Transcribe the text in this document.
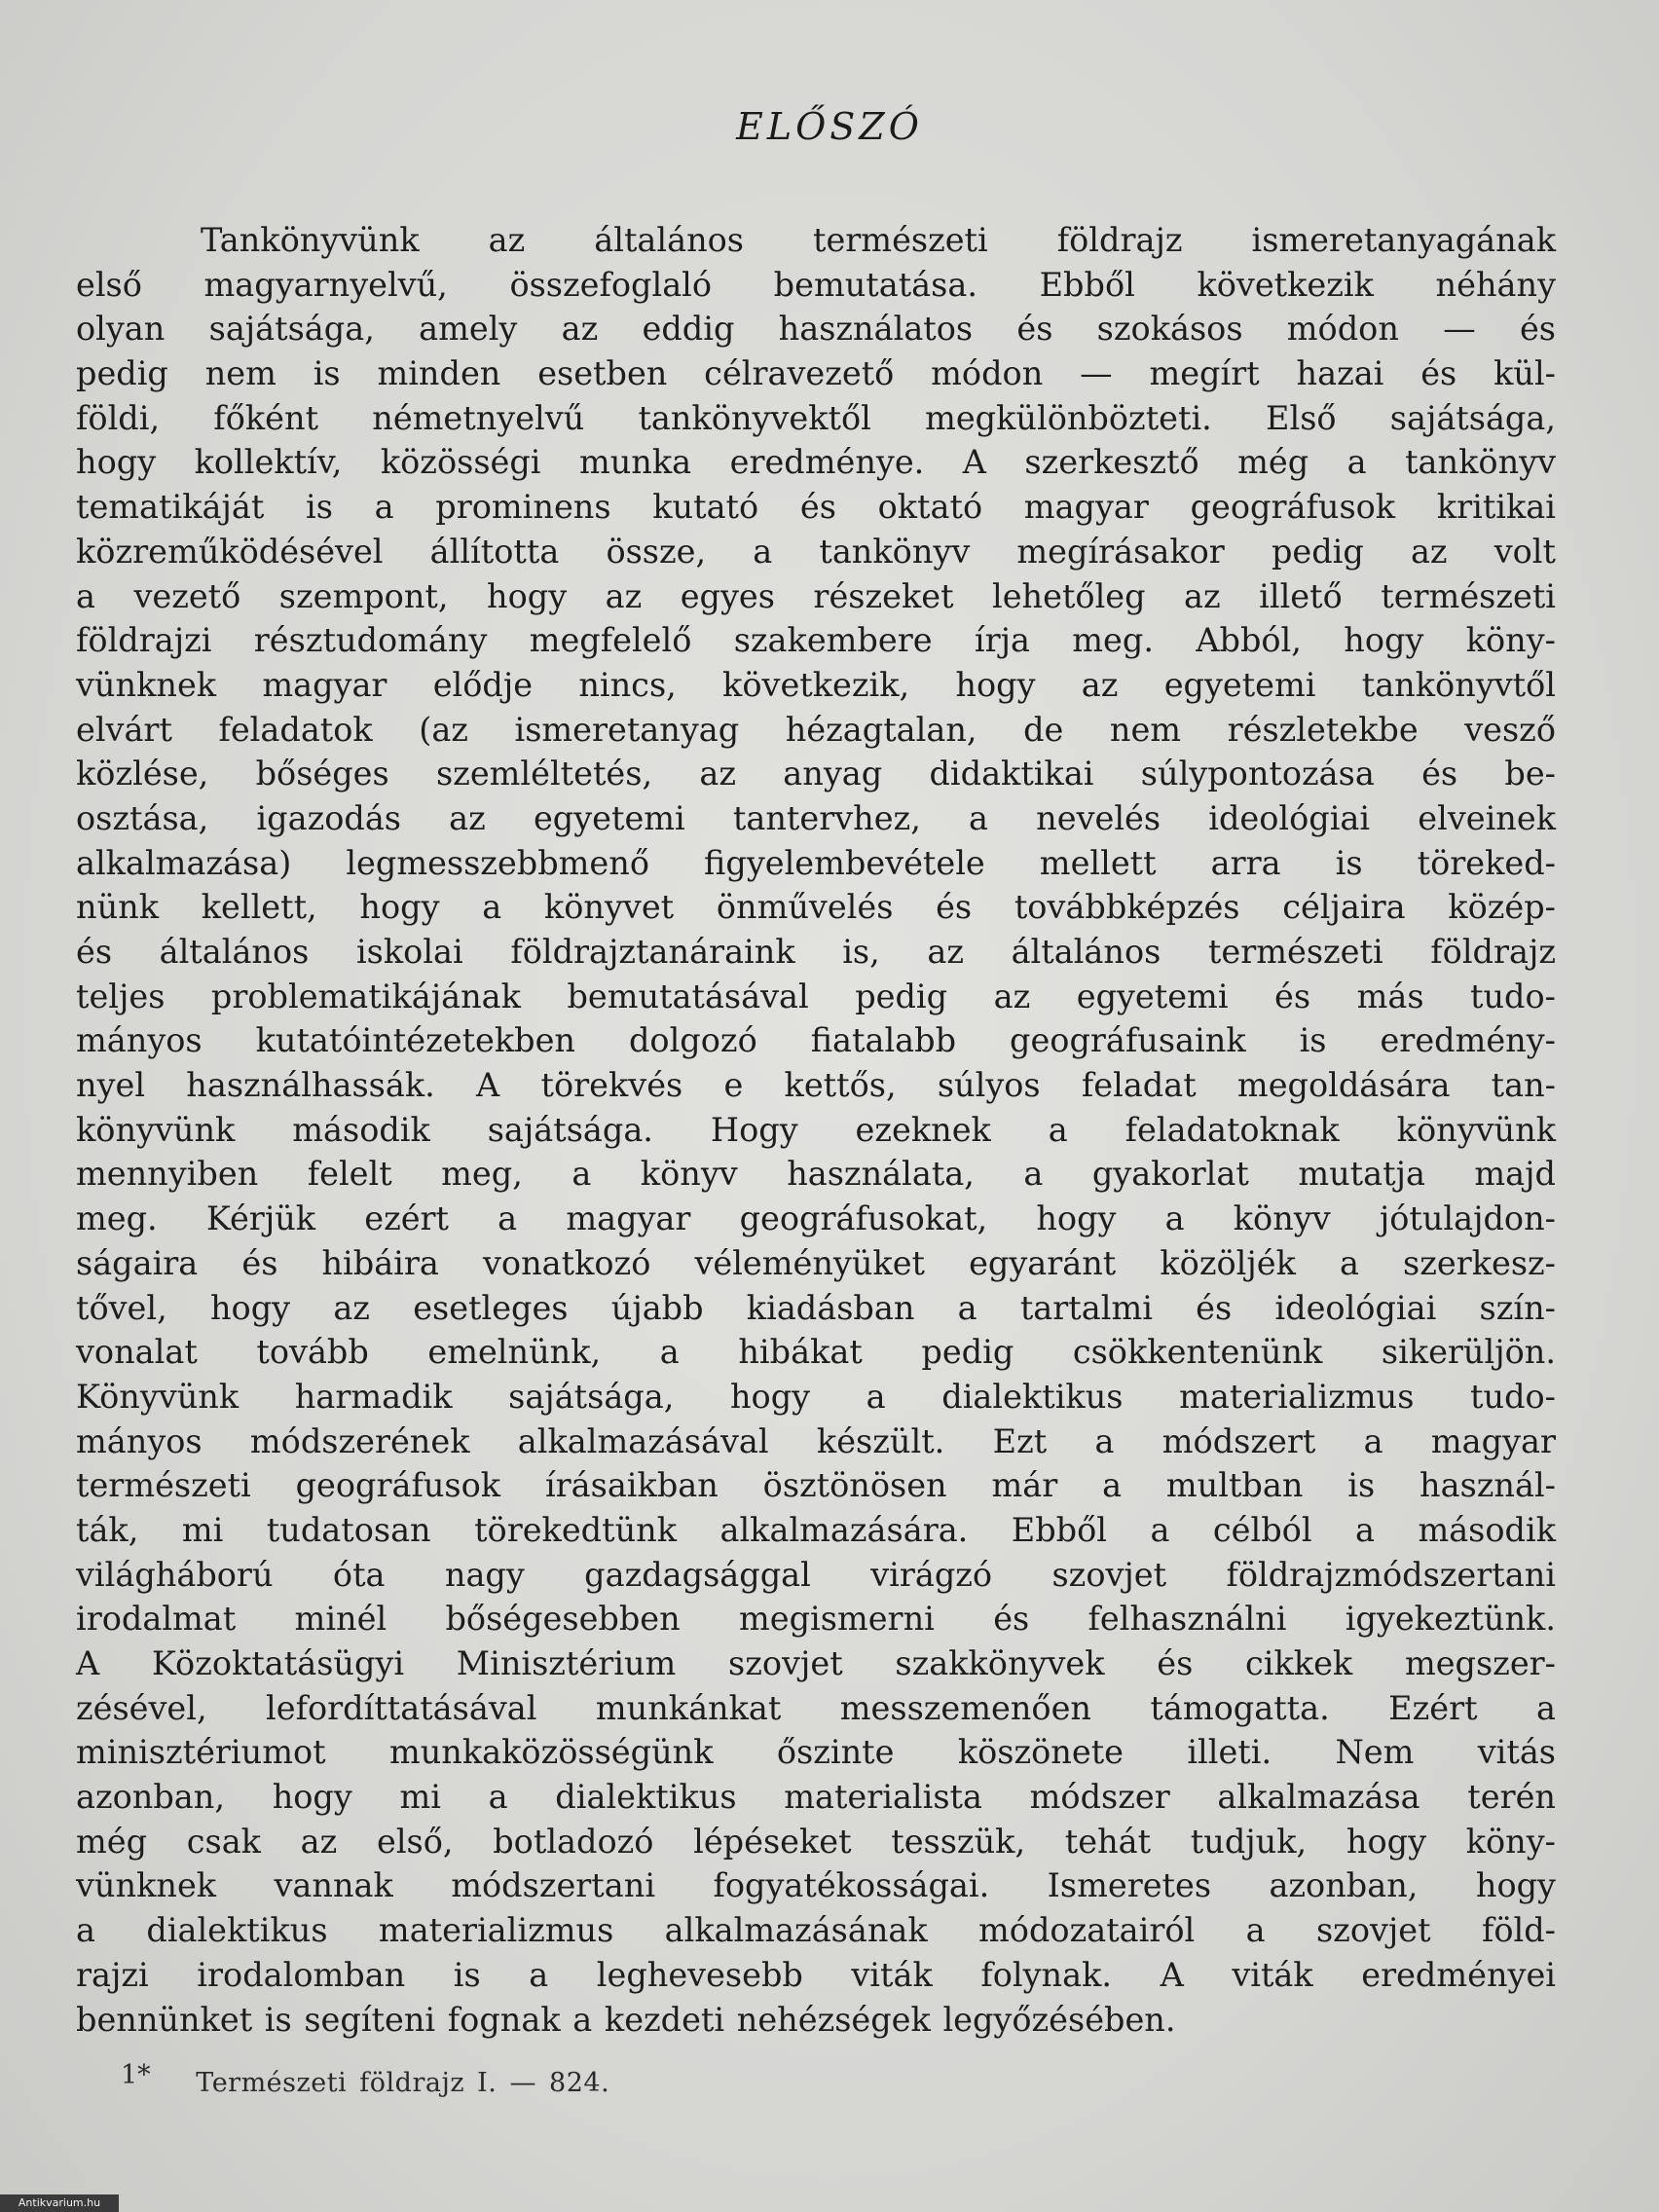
ELŐSZÓ
Tankönyvünk az általános természeti földrajz ismeretanyagának
első magyarnyelvű, összefoglaló bemutatása. Ebből következik néhány
olyan sajátsága, amely az eddig használatos és szokásos módon — és
pedig nem is minden esetben célravezető módon — megírt hazai és kül-
földi, főként németnyelvű tankönyvektől megkülönbözteti. Első sajátsága,
hogy kollektív, közösségi munka eredménye. A szerkesztő még a tankönyv
tematikáját is a prominens kutató és oktató magyar geográfusok kritikai
közreműködésével állította össze, a tankönyv megírásakor pedig az volt
a vezető szempont, hogy az egyes részeket lehetőleg az illető természeti
földrajzi résztudomány megfelelő szakembere írja meg. Abból, hogy köny-
vünknek magyar elődje nincs, következik, hogy az egyetemi tankönyvtől
elvárt feladatok (az ismeretanyag hézagtalan, de nem részletekbe vesző
közlése, bőséges szemléltetés, az anyag didaktikai súlypontozása és be-
osztása, igazodás az egyetemi tantervhez, a nevelés ideológiai elveinek
alkalmazása) legmesszebbmenő figyelembevétele mellett arra is töreked-
nünk kellett, hogy a könyvet önművelés és továbbképzés céljaira közép-
és általános iskolai földrajztanáraink is, az általános természeti földrajz
teljes problematikájának bemutatásával pedig az egyetemi és más tudo-
mányos kutatóintézetekben dolgozó fiatalabb geográfusaink is eredmény-
nyel használhassák. A törekvés e kettős, súlyos feladat megoldására tan-
könyvünk második sajátsága. Hogy ezeknek a feladatoknak könyvünk
mennyiben felelt meg, a könyv használata, a gyakorlat mutatja majd
meg. Kérjük ezért a magyar geográfusokat, hogy a könyv jótulajdon-
ságaira és hibáira vonatkozó véleményüket egyaránt közöljék a szerkesz-
tővel, hogy az esetleges újabb kiadásban a tartalmi és ideológiai szín-
vonalat tovább emelnünk, a hibákat pedig csökkentenünk sikerüljön.
Könyvünk harmadik sajátsága, hogy a dialektikus materializmus tudo-
mányos módszerének alkalmazásával készült. Ezt a módszert a magyar
természeti geográfusok írásaikban ösztönösen már a multban is használ-
ták, mi tudatosan törekedtünk alkalmazására. Ebből a célból a második
világháború óta nagy gazdagsággal virágzó szovjet földrajzmódszertani
irodalmat minél bőségesebben megismerni és felhasználni igyekeztünk.
A Közoktatásügyi Minisztérium szovjet szakkönyvek és cikkek megszer-
zésével, lefordíttatásával munkánkat messzemenően támogatta. Ezért a
minisztériumot munkaközösségünk őszinte köszönete illeti. Nem vitás
azonban, hogy mi a dialektikus materialista módszer alkalmazása terén
még csak az első, botladozó lépéseket tesszük, tehát tudjuk, hogy köny-
vünknek vannak módszertani fogyatékosságai. Ismeretes azonban, hogy
a dialektikus materializmus alkalmazásának módozatairól a szovjet föld-
rajzi irodalomban is a leghevesebb viták folynak. A viták eredményei
bennünket is segíteni fognak a kezdeti nehézségek legyőzésében.
1* Természeti földrajz I. — 824.
Antikvarium.hu
